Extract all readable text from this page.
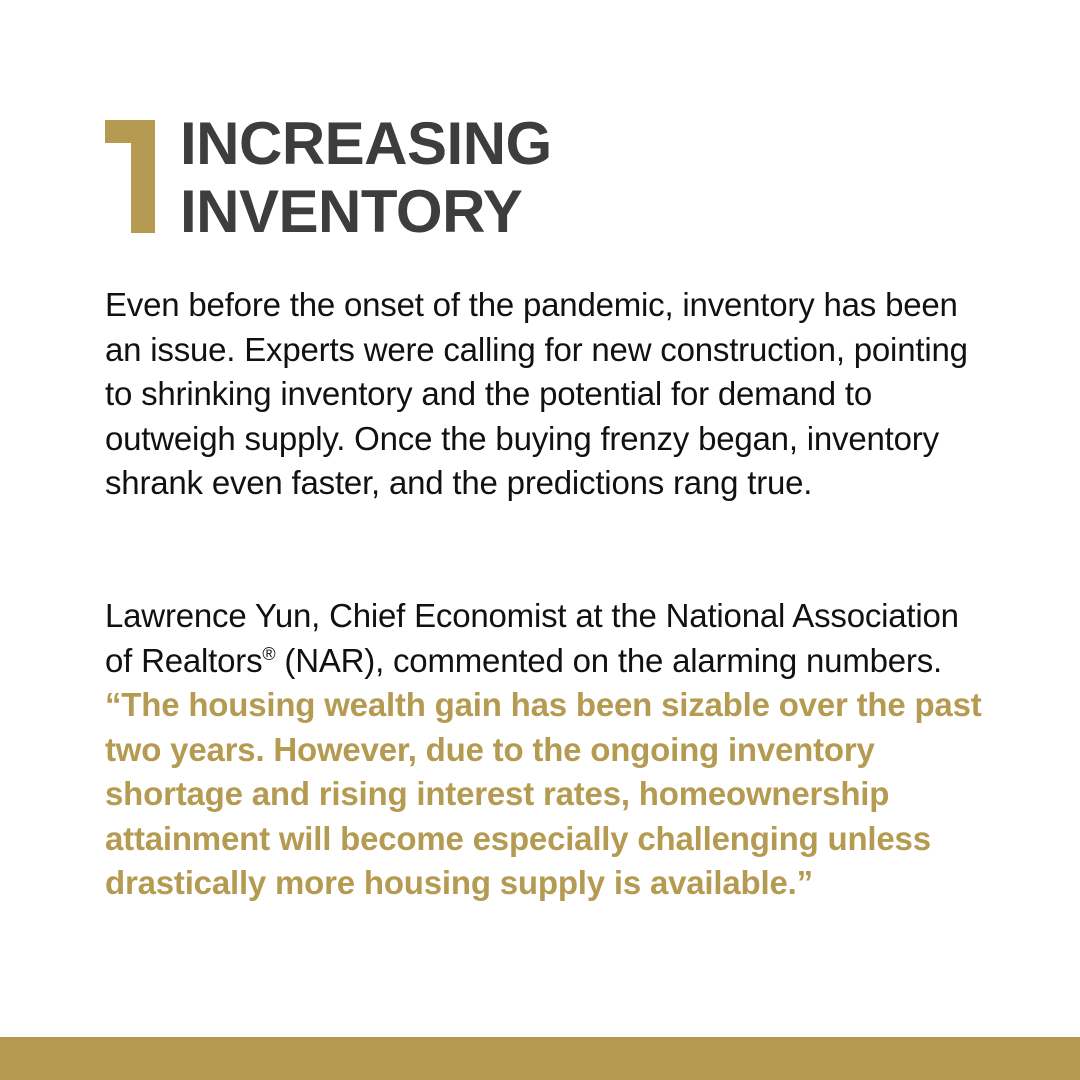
INCREASING
INVENTORY

Even before the onset of the pandemic, inventory has been an issue. Experts were calling for new construction, pointing to shrinking inventory and the potential for demand to outweigh supply. Once the buying frenzy began, inventory shrank even faster, and the predictions rang true.

Lawrence Yun, Chief Economist at the National Association of Realtors® (NAR), commented on the alarming numbers. “The housing wealth gain has been sizable over the past two years. However, due to the ongoing inventory shortage and rising interest rates, homeownership attainment will become especially challenging unless drastically more housing supply is available.”
